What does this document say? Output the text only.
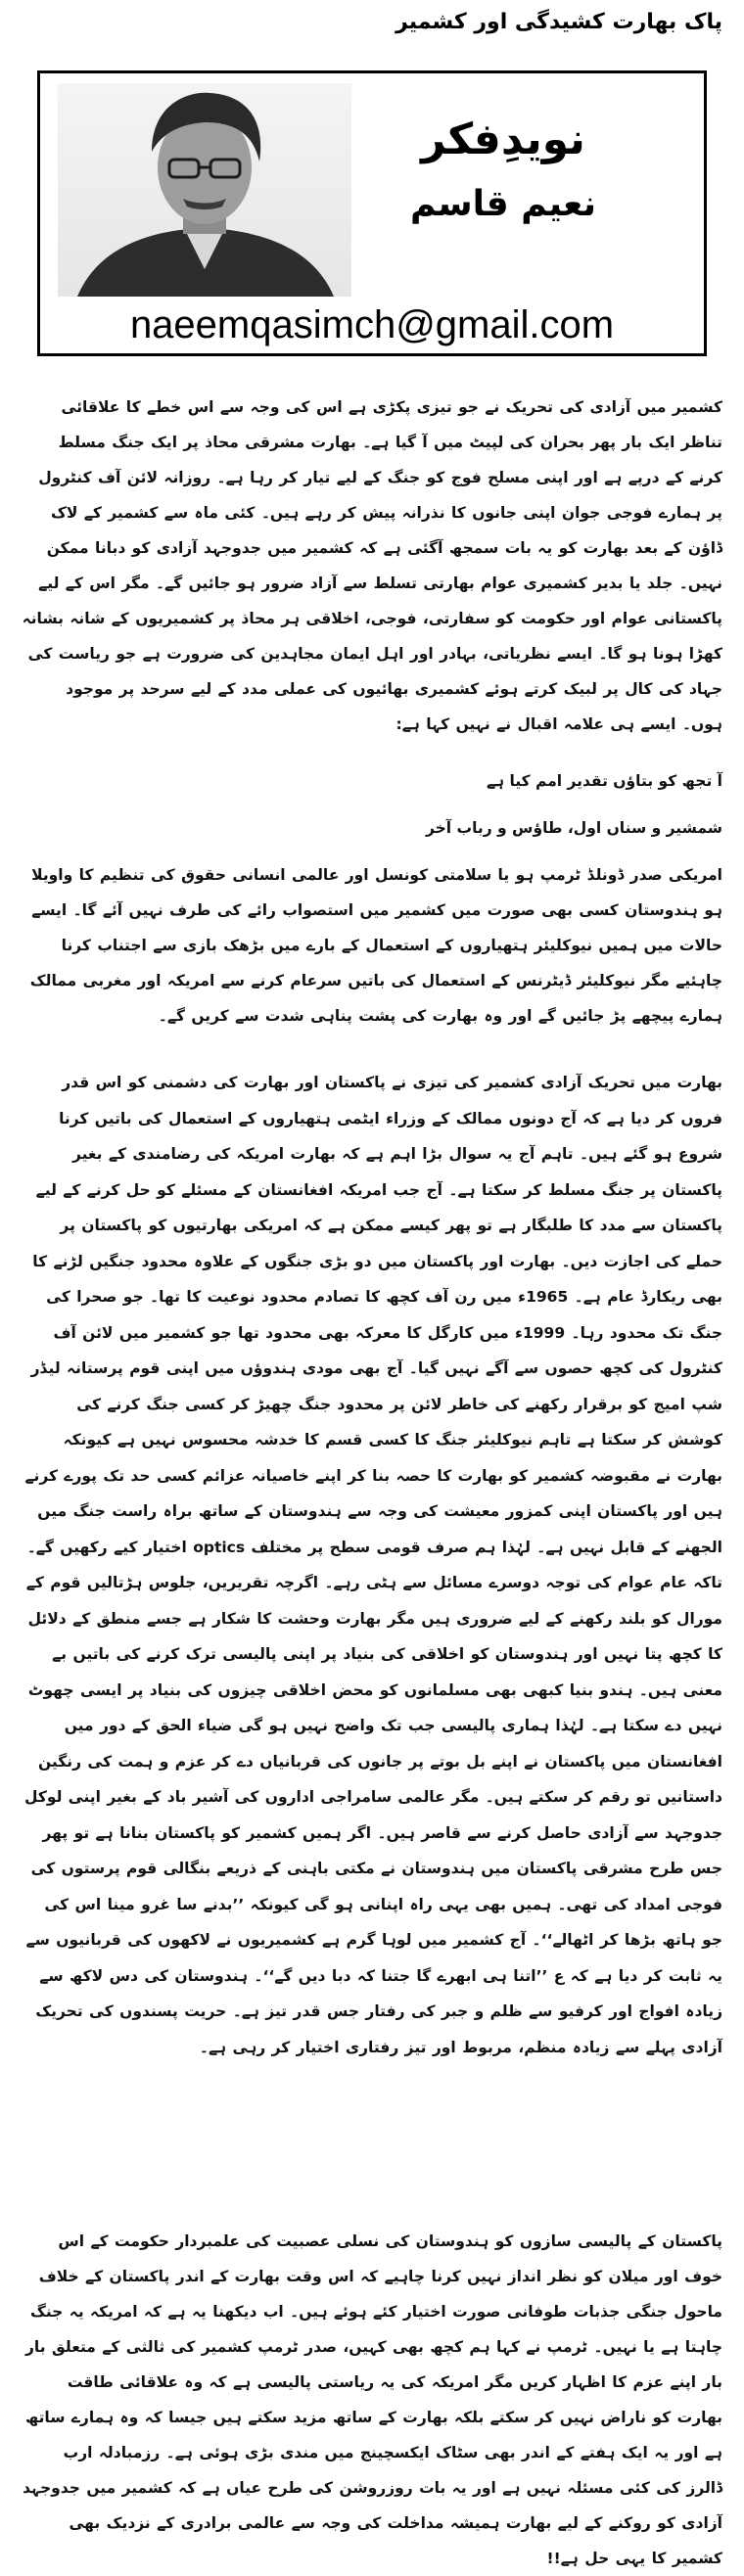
پاک بھارت کشیدگی اور کشمیر
نویدِفکر
نعیم قاسم
naeemqasimch@gmail.com

کشمیر میں آزادی کی تحریک نے جو تیزی پکڑی ہے اس کی وجہ سے اس خطے کا علاقائی تناظر ایک بار پھر بحران کی لپیٹ میں آ گیا ہے۔ بھارت مشرقی محاذ پر ایک جنگ مسلط کرنے کے درپے ہے اور اپنی مسلح فوج کو جنگ کے لیے تیار کر رہا ہے۔ روزانہ لائن آف کنٹرول پر ہمارے فوجی جوان اپنی جانوں کا نذرانہ پیش کر رہے ہیں۔ کئی ماہ سے کشمیر کے لاک ڈاؤن کے بعد بھارت کو یہ بات سمجھ آگئی ہے کہ کشمیر میں جدوجہد آزادی کو دبانا ممکن نہیں۔ جلد یا بدیر کشمیری عوام بھارتی تسلط سے آزاد ضرور ہو جائیں گے۔ مگر اس کے لیے پاکستانی عوام اور حکومت کو سفارتی، فوجی، اخلاقی ہر محاذ پر کشمیریوں کے شانہ بشانہ کھڑا ہونا ہو گا۔ ایسے نظریاتی، بہادر اور اہل ایمان مجاہدین کی ضرورت ہے جو ریاست کی جہاد کی کال پر لبیک کرتے ہوئے کشمیری بھائیوں کی عملی مدد کے لیے سرحد پر موجود ہوں۔ ایسے ہی علامہ اقبال نے نہیں کہا ہے:

آ تجھ کو بتاؤں تقدیر امم کیا ہے
شمشیر و سناں اول، طاؤس و رباب آخر

امریکی صدر ڈونلڈ ٹرمپ ہو یا سلامتی کونسل اور عالمی انسانی حقوق کی تنظیم کا واویلا ہو ہندوستان کسی بھی صورت میں کشمیر میں استصواب رائے کی طرف نہیں آئے گا۔ ایسے حالات میں ہمیں نیوکلیئر ہتھیاروں کے استعمال کے بارے میں بڑھک بازی سے اجتناب کرنا چاہئیے مگر نیوکلیئر ڈیٹرنس کے استعمال کی باتیں سرعام کرنے سے امریکہ اور مغربی ممالک ہمارے پیچھے پڑ جائیں گے اور وہ بھارت کی پشت پناہی شدت سے کریں گے۔

بھارت میں تحریک آزادی کشمیر کی تیزی نے پاکستان اور بھارت کی دشمنی کو اس قدر فروں کر دیا ہے کہ آج دونوں ممالک کے وزراء ایٹمی ہتھیاروں کے استعمال کی باتیں کرنا شروع ہو گئے ہیں۔ تاہم آج یہ سوال بڑا اہم ہے کہ بھارت امریکہ کی رضامندی کے بغیر پاکستان پر جنگ مسلط کر سکتا ہے۔ آج جب امریکہ افغانستان کے مسئلے کو حل کرنے کے لیے پاکستان سے مدد کا طلبگار ہے تو پھر کیسے ممکن ہے کہ امریکی بھارتیوں کو پاکستان پر حملے کی اجازت دیں۔ بھارت اور پاکستان میں دو بڑی جنگوں کے علاوہ محدود جنگیں لڑنے کا بھی ریکارڈ عام ہے۔ 1965ء میں رن آف کچھ کا تصادم محدود نوعیت کا تھا۔ جو صحرا کی جنگ تک محدود رہا۔ 1999ء میں کارگل کا معرکہ بھی محدود تھا جو کشمیر میں لائن آف کنٹرول کی کچھ حصوں سے آگے نہیں گیا۔ آج بھی مودی ہندوؤں میں اپنی قوم پرستانہ لیڈر شپ امیج کو برقرار رکھنے کی خاطر لائن پر محدود جنگ چھیڑ کر کسی جنگ کرنے کی کوشش کر سکتا ہے تاہم نیوکلیئر جنگ کا کسی قسم کا خدشہ محسوس نہیں ہے کیونکہ بھارت نے مقبوضہ کشمیر کو بھارت کا حصہ بنا کر اپنے خاصیانہ عزائم کسی حد تک پورے کرنے ہیں اور پاکستان اپنی کمزور معیشت کی وجہ سے ہندوستان کے ساتھ براہ راست جنگ میں الجھنے کے قابل نہیں ہے۔ لہٰذا ہم صرف قومی سطح پر مختلف optics اختیار کیے رکھیں گے۔ تاکہ عام عوام کی توجہ دوسرے مسائل سے ہٹی رہے۔ اگرچہ تقریریں، جلوس ہڑتالیں قوم کے مورال کو بلند رکھنے کے لیے ضروری ہیں مگر بھارت وحشت کا شکار ہے جسے منطق کے دلائل کا کچھ پتا نہیں اور ہندوستان کو اخلاقی کی بنیاد پر اپنی پالیسی ترک کرنے کی باتیں بے معنی ہیں۔ ہندو بنیا کبھی بھی مسلمانوں کو محض اخلاقی چیزوں کی بنیاد پر ایسی چھوٹ نہیں دے سکتا ہے۔ لہٰذا ہماری پالیسی جب تک واضح نہیں ہو گی ضیاء الحق کے دور میں افغانستان میں پاکستان نے اپنے بل بوتے پر جانوں کی قربانیاں دے کر عزم و ہمت کی رنگین داستانیں تو رقم کر سکتے ہیں۔ مگر عالمی سامراجی اداروں کی آشیر باد کے بغیر اپنی لوکل جدوجہد سے آزادی حاصل کرنے سے قاصر ہیں۔ اگر ہمیں کشمیر کو پاکستان بنانا ہے تو پھر جس طرح مشرقی پاکستان میں ہندوستان نے مکتی باہنی کے ذریعے بنگالی قوم پرستوں کی فوجی امداد کی تھی۔ ہمیں بھی یہی راہ اپنانی ہو گی کیونکہ ’’بدنے سا غرو مینا اس کی جو ہاتھ بڑھا کر اٹھالے‘‘۔ آج کشمیر میں لوہا گرم ہے کشمیریوں نے لاکھوں کی قربانیوں سے یہ ثابت کر دیا ہے کہ ع ’’اتنا ہی ابھرے گا جتنا کہ دبا دیں گے‘‘۔ ہندوستان کی دس لاکھ سے زیادہ افواج اور کرفیو سے ظلم و جبر کی رفتار جس قدر تیز ہے۔ حریت پسندوں کی تحریک آزادی پہلے سے زیادہ منظم، مربوط اور تیز رفتاری اختیار کر رہی ہے۔

پاکستان کے پالیسی سازوں کو ہندوستان کی نسلی عصبیت کی علمبردار حکومت کے اس خوف اور میلان کو نظر انداز نہیں کرنا چاہیے کہ اس وقت بھارت کے اندر پاکستان کے خلاف ماحول جنگی جذبات طوفانی صورت اختیار کئے ہوئے ہیں۔ اب دیکھنا یہ ہے کہ امریکہ یہ جنگ چاہتا ہے یا نہیں۔ ٹرمپ نے کہا ہم کچھ بھی کہیں، صدر ٹرمپ کشمیر کی ثالثی کے متعلق بار بار اپنے عزم کا اظہار کریں مگر امریکہ کی یہ ریاستی پالیسی ہے کہ وہ علاقائی طاقت بھارت کو ناراض نہیں کر سکتے بلکہ بھارت کے ساتھ مزید سکتے ہیں جیسا کہ وہ ہمارے ساتھ ہے اور یہ ایک ہفتے کے اندر بھی سٹاک ایکسچینج میں مندی بڑی ہوئی ہے۔ رزمبادلہ ارب ڈالرز کی کئی مسئلہ نہیں ہے اور یہ بات روزروشن کی طرح عیاں ہے کہ کشمیر میں جدوجہد آزادی کو روکنے کے لیے بھارت ہمیشہ مداخلت کی وجہ سے عالمی برادری کے نزدیک بھی کشمیر کا یہی حل ہے!!
